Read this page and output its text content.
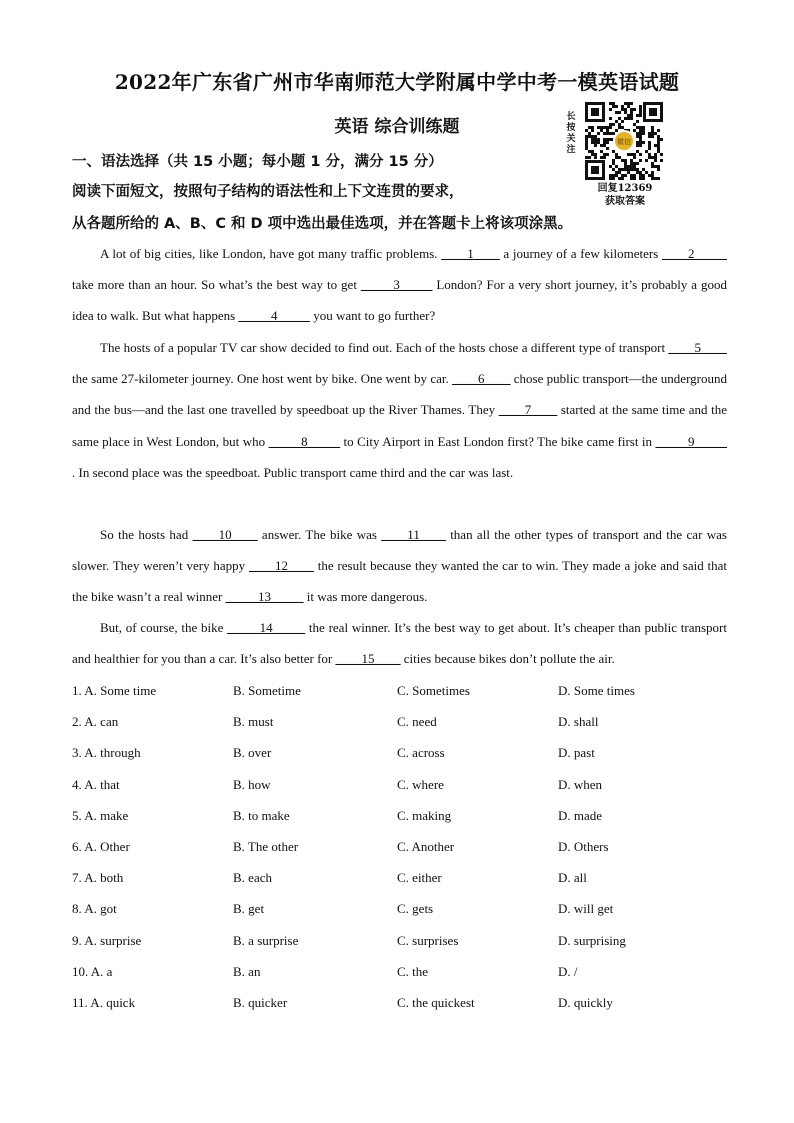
2022年广东省广州市华南师范大学附属中学中考一模英语试题
英语 综合训练题	长按关注
微信
回复12369
获取答案
一、语法选择（共 15 小题；每小题 1 分，满分 15 分）
阅读下面短文，按照句子结构的语法性和上下文连贯的要求，
从各题所给的 A、B、C 和 D 项中选出最佳选项，并在答题卡上将该项涂黑。
A lot of big cities, like London, have got many traffic problems. ____1____ a journey of a few kilometers ____2_____ take more than an hour. So what’s the best way to get _____3_____ London? For a very short journey, it’s probably a good idea to walk. But what happens _____4_____ you want to go further?
The hosts of a popular TV car show decided to find out. Each of the hosts chose a different type of transport ____5____ the same 27-kilometer journey. One host went by bike. One went by car. ____6____ chose public transport—the underground and the bus—and the last one travelled by speedboat up the River Thames. They ____7____ started at the same time and the same place in West London, but who _____8_____ to City Airport in East London first? The bike came first in _____9_____ . In second place was the speedboat. Public transport came third and the car was last.
So the hosts had ____10____ answer. The bike was ____11____ than all the other types of transport and the car was slower. They weren’t very happy ____12____ the result because they wanted the car to win. They made a joke and said that the bike wasn’t a real winner _____13_____ it was more dangerous.
But, of course, the bike _____14_____ the real winner. It’s the best way to get about. It’s cheaper than public transport and healthier for you than a car. It’s also better for ____15____ cities because bikes don’t pollute the air.
1. A. Some time	B. Sometime	C. Sometimes	D. Some times
2. A. can	B. must	C. need	D. shall
3. A. through	B. over	C. across	D. past
4. A. that	B. how	C. where	D. when
5. A. make	B. to make	C. making	D. made
6. A. Other	B. The other	C. Another	D. Others
7. A. both	B. each	C. either	D. all
8. A. got	B. get	C. gets	D. will get
9. A. surprise	B. a surprise	C. surprises	D. surprising
10. A. a	B. an	C. the	D. /
11. A. quick	B. quicker	C. the quickest	D. quickly
